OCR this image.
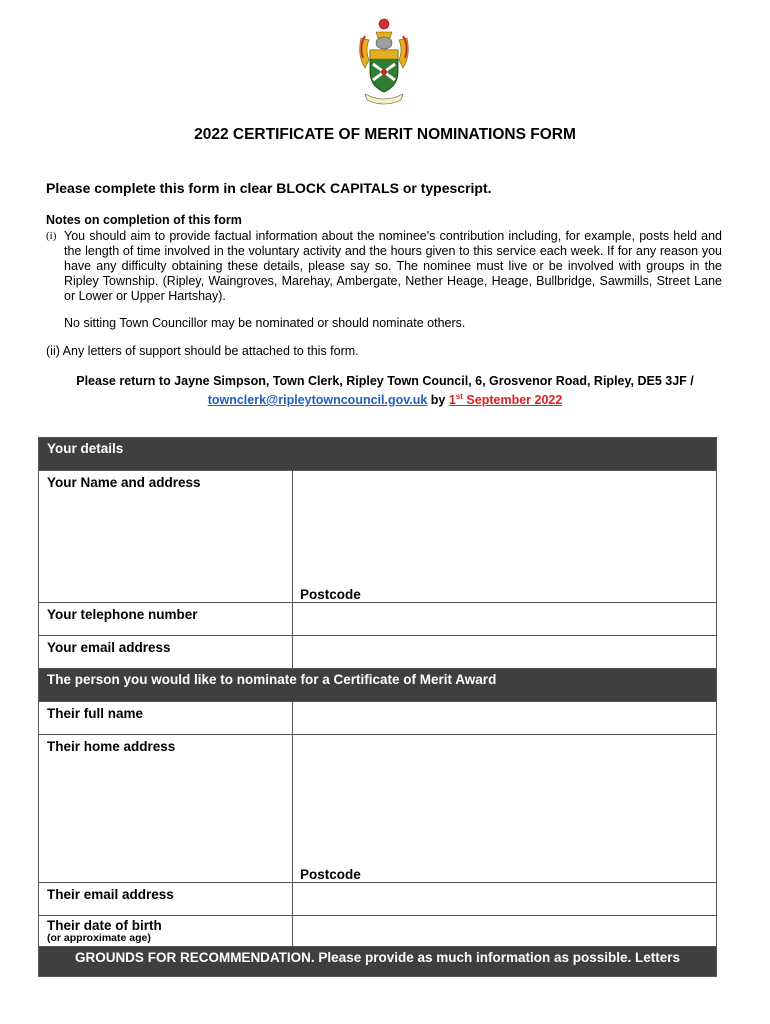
2022 CERTIFICATE OF MERIT NOMINATIONS FORM
Please complete this form in clear BLOCK CAPITALS or typescript.
Notes on completion of this form
(i) You should aim to provide factual information about the nominee's contribution including, for example, posts held and the length of time involved in the voluntary activity and the hours given to this service each week. If for any reason you have any difficulty obtaining these details, please say so. The nominee must live or be involved with groups in the Ripley Township. (Ripley, Waingroves, Marehay, Ambergate, Nether Heage, Heage, Bullbridge, Sawmills, Street Lane or Lower or Upper Hartshay).
No sitting Town Councillor may be nominated or should nominate others.
(ii) Any letters of support should be attached to this form.
Please return to Jayne Simpson, Town Clerk, Ripley Town Council, 6, Grosvenor Road, Ripley, DE5 3JF / townclerk@ripleytowncouncil.gov.uk by 1st September 2022
Your details	
Your Name and address	Postcode

Your telephone number	
Your email address	
The person you would like to nominate for a Certificate of Merit Award	
Their full name	
Their home address	Postcode

Their email address	
Their date of birth
(or approximate age)	

GROUNDS FOR RECOMMENDATION. Please provide as much information as possible. Letters	
